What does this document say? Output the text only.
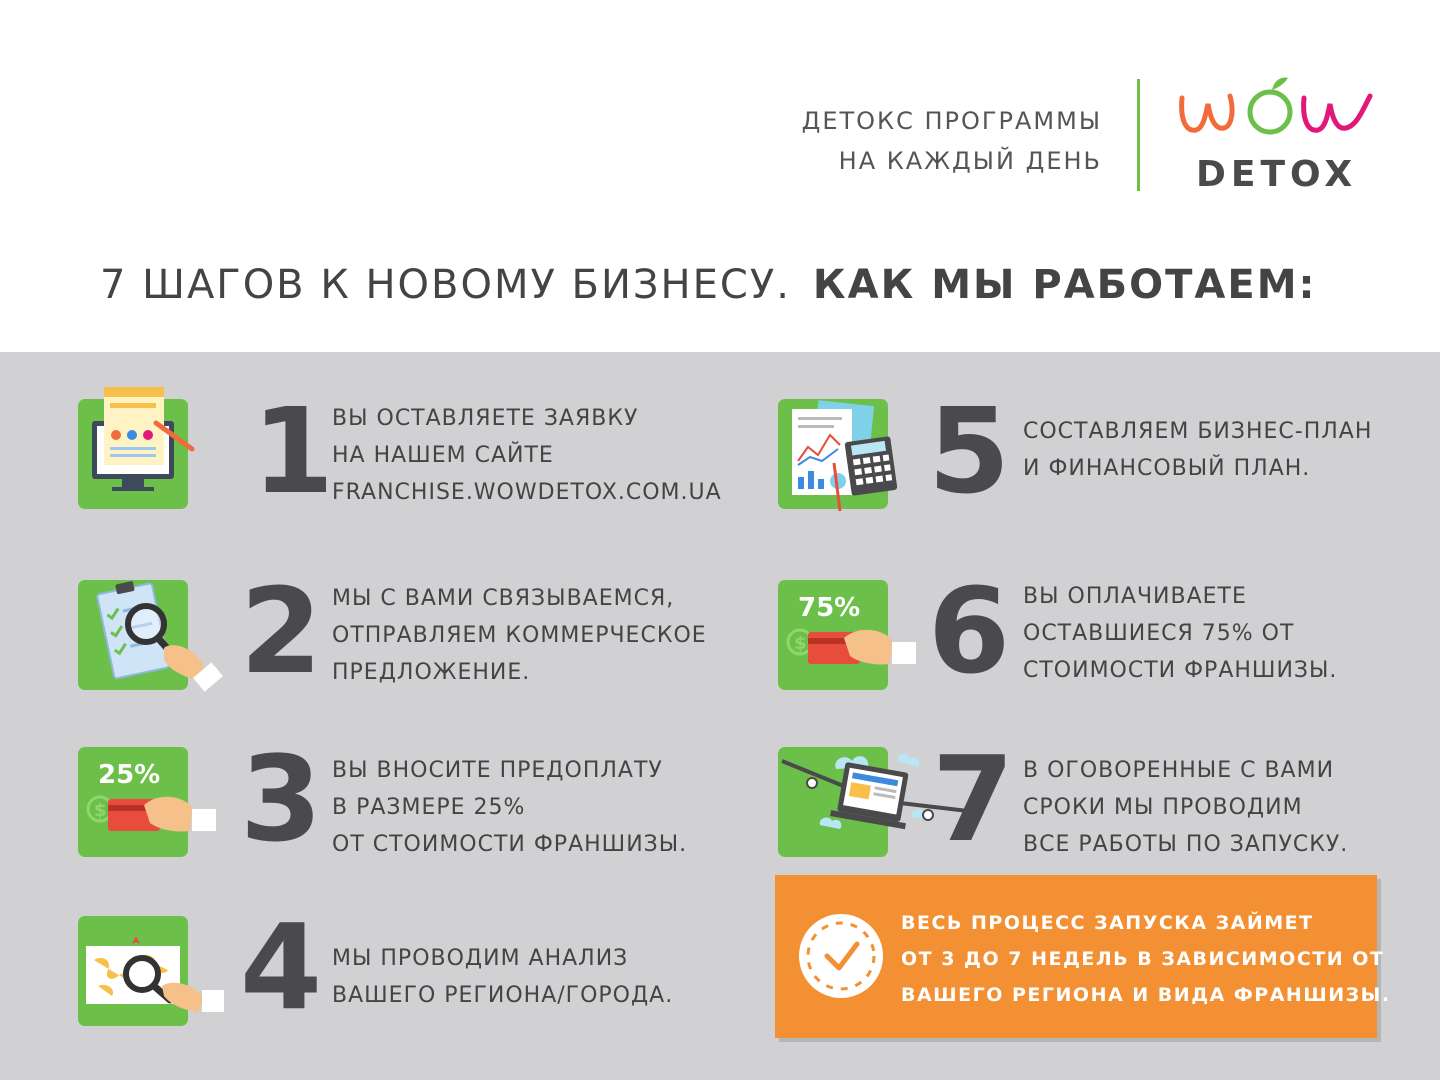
ДЕТОКС ПРОГРАММЫ
НА КАЖДЫЙ ДЕНЬ	DETOX
7 ШАГОВ К НОВОМУ БИЗНЕСУ. КАК МЫ РАБОТАЕМ:
1
ВЫ ОСТАВЛЯЕТЕ ЗАЯВКУ
НА НАШЕМ САЙТЕ
FRANCHISE.WOWDETOX.COM.UA
2 МЫ С ВАМИ СВЯЗЫВАЕМСЯ,
ОТПРАВЛЯЕМ КОММЕРЧЕСКОЕ
ПРЕДЛОЖЕНИЕ.
25%
$ 3 ВЫ ВНОСИТЕ ПРЕДОПЛАТУ
В РАЗМЕРЕ 25%
ОТ СТОИМОСТИ ФРАНШИЗЫ.
4 МЫ ПРОВОДИМ АНАЛИЗ
ВАШЕГО РЕГИОНА/ГОРОДА.
5 СОСТАВЛЯЕМ БИЗНЕС-ПЛАН
И ФИНАНСОВЫЙ ПЛАН.
75%
$ 6 ВЫ ОПЛАЧИВАЕТЕ
ОСТАВШИЕСЯ 75% ОТ
СТОИМОСТИ ФРАНШИЗЫ.
7 В ОГОВОРЕННЫЕ С ВАМИ
СРОКИ МЫ ПРОВОДИМ
ВСЕ РАБОТЫ ПО ЗАПУСКУ.
ВЕСЬ ПРОЦЕСС ЗАПУСКА ЗАЙМЕТ
ОТ 3 ДО 7 НЕДЕЛЬ В ЗАВИСИМОСТИ ОТ
ВАШЕГО РЕГИОНА И ВИДА ФРАНШИЗЫ.
